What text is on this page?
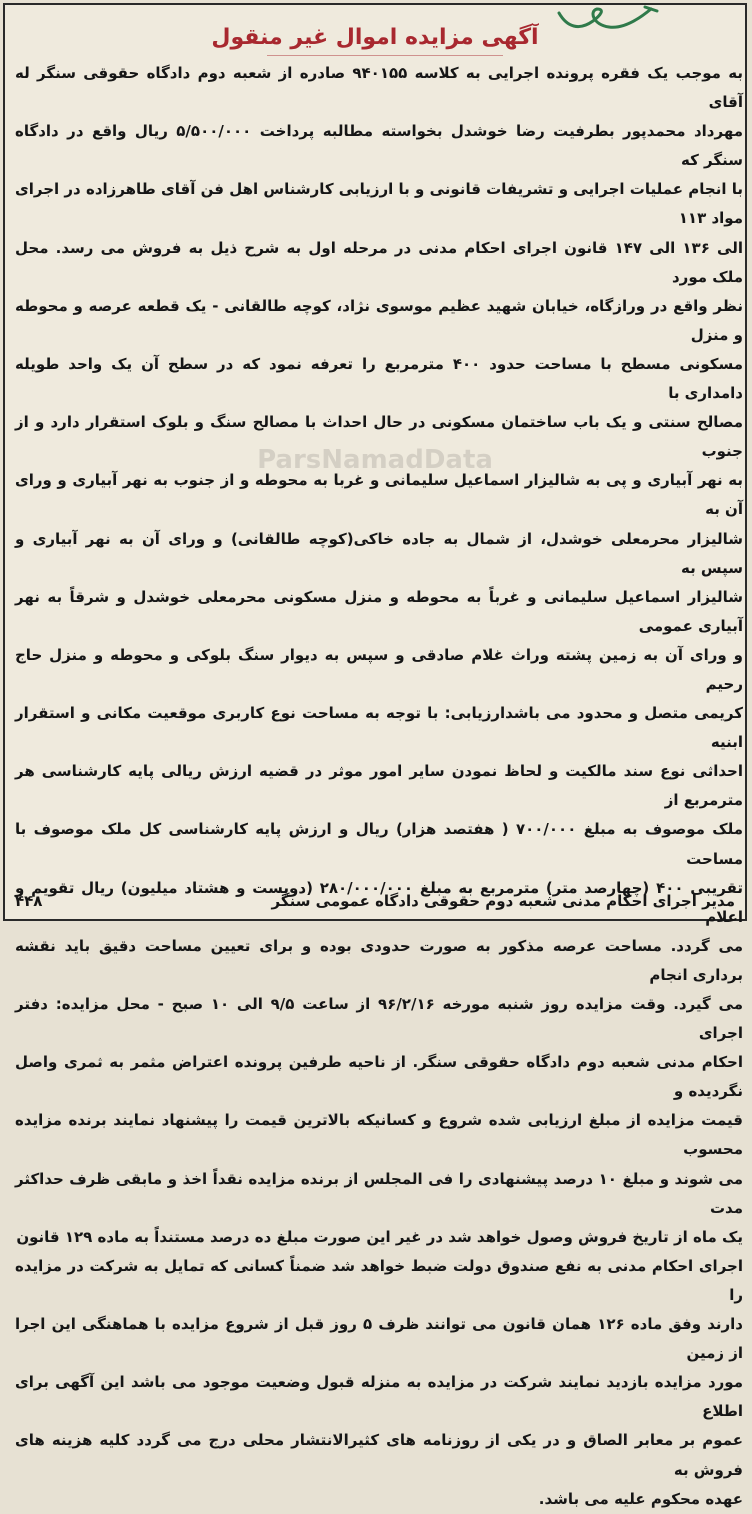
آگهی مزایده اموال غیر منقول
ParsNamadData
به موجب یک فقره پرونده اجرایی به کلاسه ۹۴۰۱۵۵ صادره از شعبه دوم دادگاه حقوقی سنگر له آقای
مهرداد محمدپور بطرفیت رضا خوشدل بخواسته مطالبه پرداخت ۵/۵۰۰/۰۰۰ ریال واقع در دادگاه سنگر که
با انجام عملیات اجرایی و تشریفات قانونی و با ارزیابی کارشناس اهل فن آقای طاهرزاده در اجرای مواد ۱۱۳
الی ۱۳۶ الی ۱۴۷ قانون اجرای احکام مدنی در مرحله اول به شرح ذیل به فروش می رسد. محل ملک مورد
نظر واقع در ورازگاه، خیابان شهید عظیم موسوی نژاد، کوچه طالقانی - یک قطعه عرصه و محوطه و منزل
مسکونی مسطح با مساحت حدود ۴۰۰ مترمربع را تعرفه نمود که در سطح آن یک واحد طویله دامداری با
مصالح سنتی و یک باب ساختمان مسکونی در حال احداث با مصالح سنگ و بلوک استقرار دارد و از جنوب
به نهر آبیاری و پی به شالیزار اسماعیل سلیمانی و غربا به محوطه و از جنوب به نهر آبیاری و ورای آن به
شالیزار محرمعلی خوشدل، از شمال به جاده خاکی(کوچه طالقانی) و ورای آن به نهر آبیاری و سپس به
شالیزار اسماعیل سلیمانی و غرباً به محوطه و منزل مسکونی محرمعلی خوشدل و شرقاً به نهر آبیاری عمومی
و ورای آن به زمین پشته وراث غلام صادقی و سپس به دیوار سنگ بلوکی و محوطه و منزل حاج رحیم
کریمی متصل و محدود می باشدارزیابی: با توجه به مساحت نوع کاربری موقعیت مکانی و استقرار ابنیه
احداثی نوع سند مالکیت و لحاظ نمودن سایر امور موثر در قضیه ارزش ریالی پایه کارشناسی هر مترمربع از
ملک موصوف به مبلغ ۷۰۰/۰۰۰ ( هفتصد هزار) ریال و ارزش پایه کارشناسی کل ملک موصوف با مساحت
تقریبی ۴۰۰ (چهارصد متر) مترمربع به مبلغ ۲۸۰/۰۰۰/۰۰۰ (دویست و هشتاد میلیون) ریال تقویم و اعلام
می گردد. مساحت عرصه مذکور به صورت حدودی بوده و برای تعیین مساحت دقیق باید نقشه برداری انجام
می گیرد. وقت مزایده روز شنبه مورخه ۹۶/۲/۱۶ از ساعت ۹/۵ الی ۱۰ صبح - محل مزایده: دفتر اجرای
احکام مدنی شعبه دوم دادگاه حقوقی سنگر. از ناحیه طرفین پرونده اعتراض مثمر به ثمری واصل نگردیده و
قیمت مزایده از مبلغ ارزیابی شده شروع و کسانیکه بالاترین قیمت را پیشنهاد نمایند برنده مزایده محسوب
می شوند و مبلغ ۱۰ درصد پیشنهادی را فی المجلس از برنده مزایده نقداً اخذ و مابقی ظرف حداکثر مدت
یک ماه از تاریخ فروش وصول خواهد شد در غیر این صورت مبلغ ده درصد مستنداً به ماده ۱۲۹ قانون
اجرای احکام مدنی به نفع صندوق دولت ضبط خواهد شد ضمناً کسانی که تمایل به شرکت در مزایده را
دارند وفق ماده ۱۲۶ همان قانون می توانند ظرف ۵ روز قبل از شروع مزایده با هماهنگی این اجرا از زمین
مورد مزایده بازدید نمایند شرکت در مزایده به منزله قبول وضعیت موجود می باشد این آگهی برای اطلاع
عموم بر معابر الصاق و در یکی از روزنامه های کثیرالانتشار محلی درج می گردد کلیه هزینه های فروش به
عهده محکوم علیه می باشد.
مدیر اجرای احکام مدنی شعبه دوم حقوقی دادگاه عمومی سنگر
۴۴۸
